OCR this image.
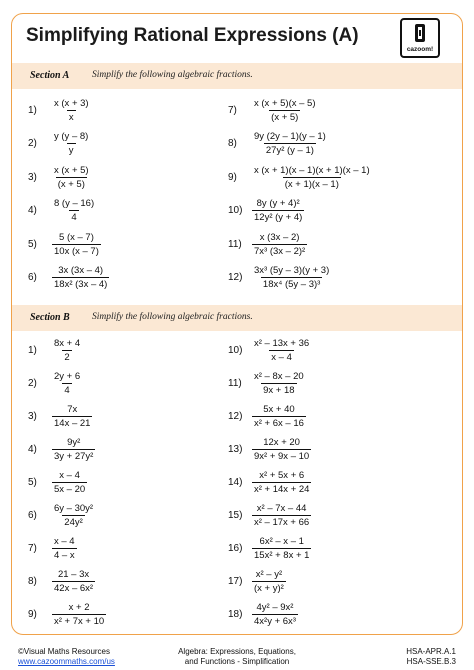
Simplifying Rational Expressions (A)
cazoom!
Section A Simplify the following algebraic fractions.
1)	$\frac{x (x + 3)}{x}$
2)	$\frac{y (y - 8)}{y}$
3)	$\frac{x (x + 5)}{(x + 5)}$
4)	$\frac{8 (y - 16)}{4}$
5)	$\frac{5 (x - 7)}{10x (x - 7)}$
6)	$\frac{3x (3x - 4)}{\text{18x² (3x – 4)}}$
7)	$\frac{x (x + 5)(x - 5)}{(x + 5)}$
8)	$\frac{9y (2y - 1)(y - 1)}{\text{27y² (y – 1)}}$
9)	$\frac{x (x + 1)(x - 1)(x + 1)(x - 1)}{(x + 1)(x - 1)}$
10)	$\frac{\text{8y (y + 4)²}}{\text{12y² (y + 4)}}$
11)	$\frac{x (3x - 2)}{\text{7x³ (3x – 2)²}}$
12)	$\frac{\text{3x³ (5y – 3)(y + 3)}}{\text{18x⁴ (5y – 3)³}}$
Section B Simplify the following algebraic fractions.
1)	$\frac{8x + 4}{2}$
2)	$\frac{2y + 6}{4}$
3)	$\frac{7x}{14x - 21}$
4)	$\frac{\text{9y²}}{\text{3y + 27y²}}$
5)	$\frac{x - 4}{5x - 20}$
6)	$\frac{\text{6y – 30y²}}{\text{24y²}}$
7)	$\frac{x - 4}{4 - x}$
8)	$\frac{21 - 3x}{\text{42x – 6x²}}$
9)	$\frac{x + 2}{\text{x² + 7x + 10}}$
10)	$\frac{\text{x² – 13x + 36}}{x - 4}$
11)	$\frac{\text{x² – 8x – 20}}{9x + 18}$
12)	$\frac{5x + 40}{\text{x² + 6x – 16}}$
13)	$\frac{12x + 20}{\text{9x² + 9x – 10}}$
14)	$\frac{\text{x² + 5x + 6}}{\text{x² + 14x + 24}}$
15)	$\frac{\text{x² – 7x – 44}}{\text{x² – 17x + 66}}$
16)	$\frac{\text{6x² – x – 1}}{\text{15x² + 8x + 1}}$
17)	$\frac{\text{x² – y²}}{\text{(x + y)²}}$
18)	$\frac{\text{4y² – 9x²}}{\text{4x²y + 6x³}}$
©Visual Maths Resources
www.cazoommaths.com/us
Algebra: Expressions, Equations,
and Functions - Simplification
HSA-APR.A.1
HSA-SSE.B.3
